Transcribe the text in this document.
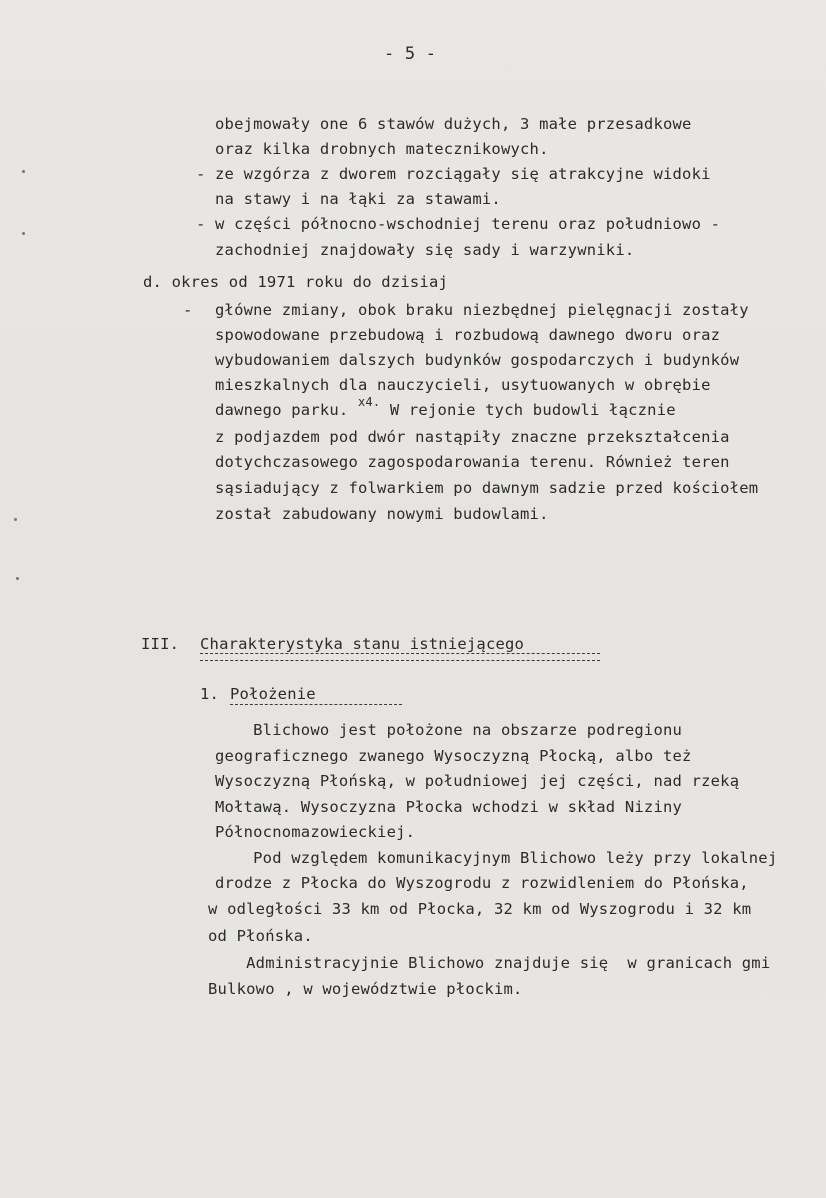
- 5 -
obejmowały one 6 stawów dużych, 3 małe przesadkowe
oraz kilka drobnych matecznikowych.
- ze wzgórza z dworem rozciągały się atrakcyjne widoki
na stawy i na łąki za stawami.
- w części północno-wschodniej terenu oraz południowo -
zachodniej znajdowały się sady i warzywniki.
d. okres od 1971 roku do dzisiaj
- główne zmiany, obok braku niezbędnej pielęgnacji zostały
spowodowane przebudową i rozbudową dawnego dworu oraz
wybudowaniem dalszych budynków gospodarczych i budynków
mieszkalnych dla nauczycieli, usytuowanych w obrębie
dawnego parku. $^{x4.}$ W rejonie tych budowli łącznie
z podjazdem pod dwór nastąpiły znaczne przekształcenia
dotychczasowego zagospodarowania terenu. Również teren
sąsiadujący z folwarkiem po dawnym sadzie przed kościołem
został zabudowany nowymi budowlami.
III. Charakterystyka stanu istniejącego
1. Położenie
Blichowo jest położone na obszarze podregionu
geograficznego zwanego Wysoczyzną Płocką, albo też
Wysoczyzną Płońską, w południowej jej części, nad rzeką
Mołtawą. Wysoczyzna Płocka wchodzi w skład Niziny
Północnomazowieckiej.
Pod względem komunikacyjnym Blichowo leży przy lokalnej
drodze z Płocka do Wyszogrodu z rozwidleniem do Płońska,
w odległości 33 km od Płocka, 32 km od Wyszogrodu i 32 km
od Płońska.
Administracyjnie Blichowo znajduje się  w granicach gmi
Bulkowo , w województwie płockim.
